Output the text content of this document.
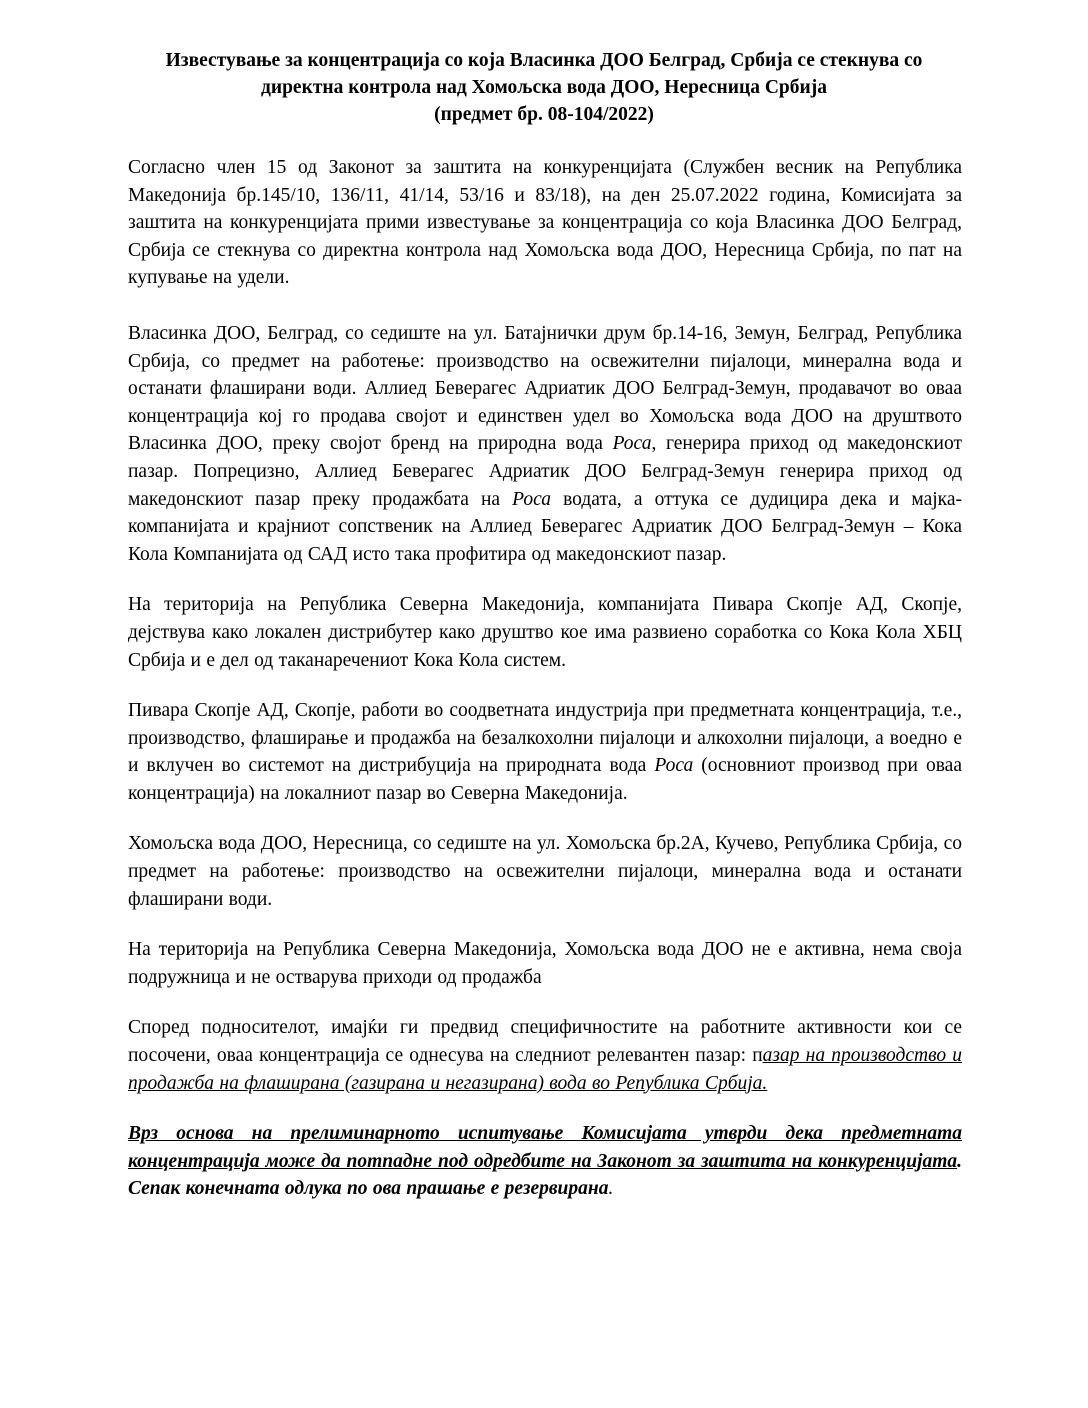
Известување за концентрација со која Власинка ДОО Белград, Србија се стекнува со
директна контрола над Хомољска вода ДОО, Нересница Србија
(предмет бр. 08-104/2022)

Согласно член 15 од Законот за заштита на конкуренцијата (Службен весник на Република Македонија бр.145/10, 136/11, 41/14, 53/16 и 83/18), на ден 25.07.2022 година, Комисијата за заштита на конкуренцијата прими известување за концентрација со која Власинка ДОО Белград, Србија се стекнува со директна контрола над Хомољска вода ДОО, Нересница Србија, по пат на купување на удели.

Власинка ДОО, Белград, со седиште на ул. Батајнички друм бр.14-16, Земун, Белград, Република Србија, со предмет на работење: производство на освежителни пијалоци, минерална вода и останати флаширани води. Аллиед Беверагес Адриатик ДОО Белград-Земун, продавачот во оваа концентрација кој го продава својот и единствен удел во Хомољска вода ДОО на друштвото Власинка ДОО, преку својот бренд на природна вода Роса, генерира приход од македонскиот пазар. Попрецизно, Аллиед Беверагес Адриатик ДОО Белград-Земун генерира приход од македонскиот пазар преку продажбата на Роса водата, а оттука се дудицира дека и мајка-компанијата и крајниот сопственик на Аллиед Беверагес Адриатик ДОО Белград-Земун – Кока Кола Компанијата од САД исто така профитира од македонскиот пазар.

На територија на Република Северна Македонија, компанијата Пивара Скопје АД, Скопје, дејствува како локален дистрибутер како друштво кое има развиено соработка со Кока Кола ХБЦ Србија и е дел од таканаречениот Кока Кола систем.

Пивара Скопје АД, Скопје, работи во соодветната индустрија при предметната концентрација, т.е., производство, флаширање и продажба на безалкохолни пијалоци и алкохолни пијалоци, а воедно е и вклучен во системот на дистрибуција на природната вода Роса (основниот производ при оваа концентрација) на локалниот пазар во Северна Македонија.

Хомољска вода ДОО, Нересница, со седиште на ул. Хомољска бр.2А, Кучево, Република Србија, со предмет на работење: производство на освежителни пијалоци, минерална вода и останати флаширани води.

На територија на Република Северна Македонија, Хомољска вода ДОО не е активна, нема своја подружница и не остварува приходи од продажба

Според подносителот, имајќи ги предвид специфичностите на работните активности кои се посочени, оваа концентрација се однесува на следниот релевантен пазар: пазар на производство и продажба на флаширана (газирана и негазирана) вода во Република Србија.

Врз основа на прелиминарното испитување Комисијата утврди дека предметната концентрација може да потпадне под одредбите на Законот за заштита на конкуренцијата. Сепак конечната одлука по ова прашање е резервирана.
